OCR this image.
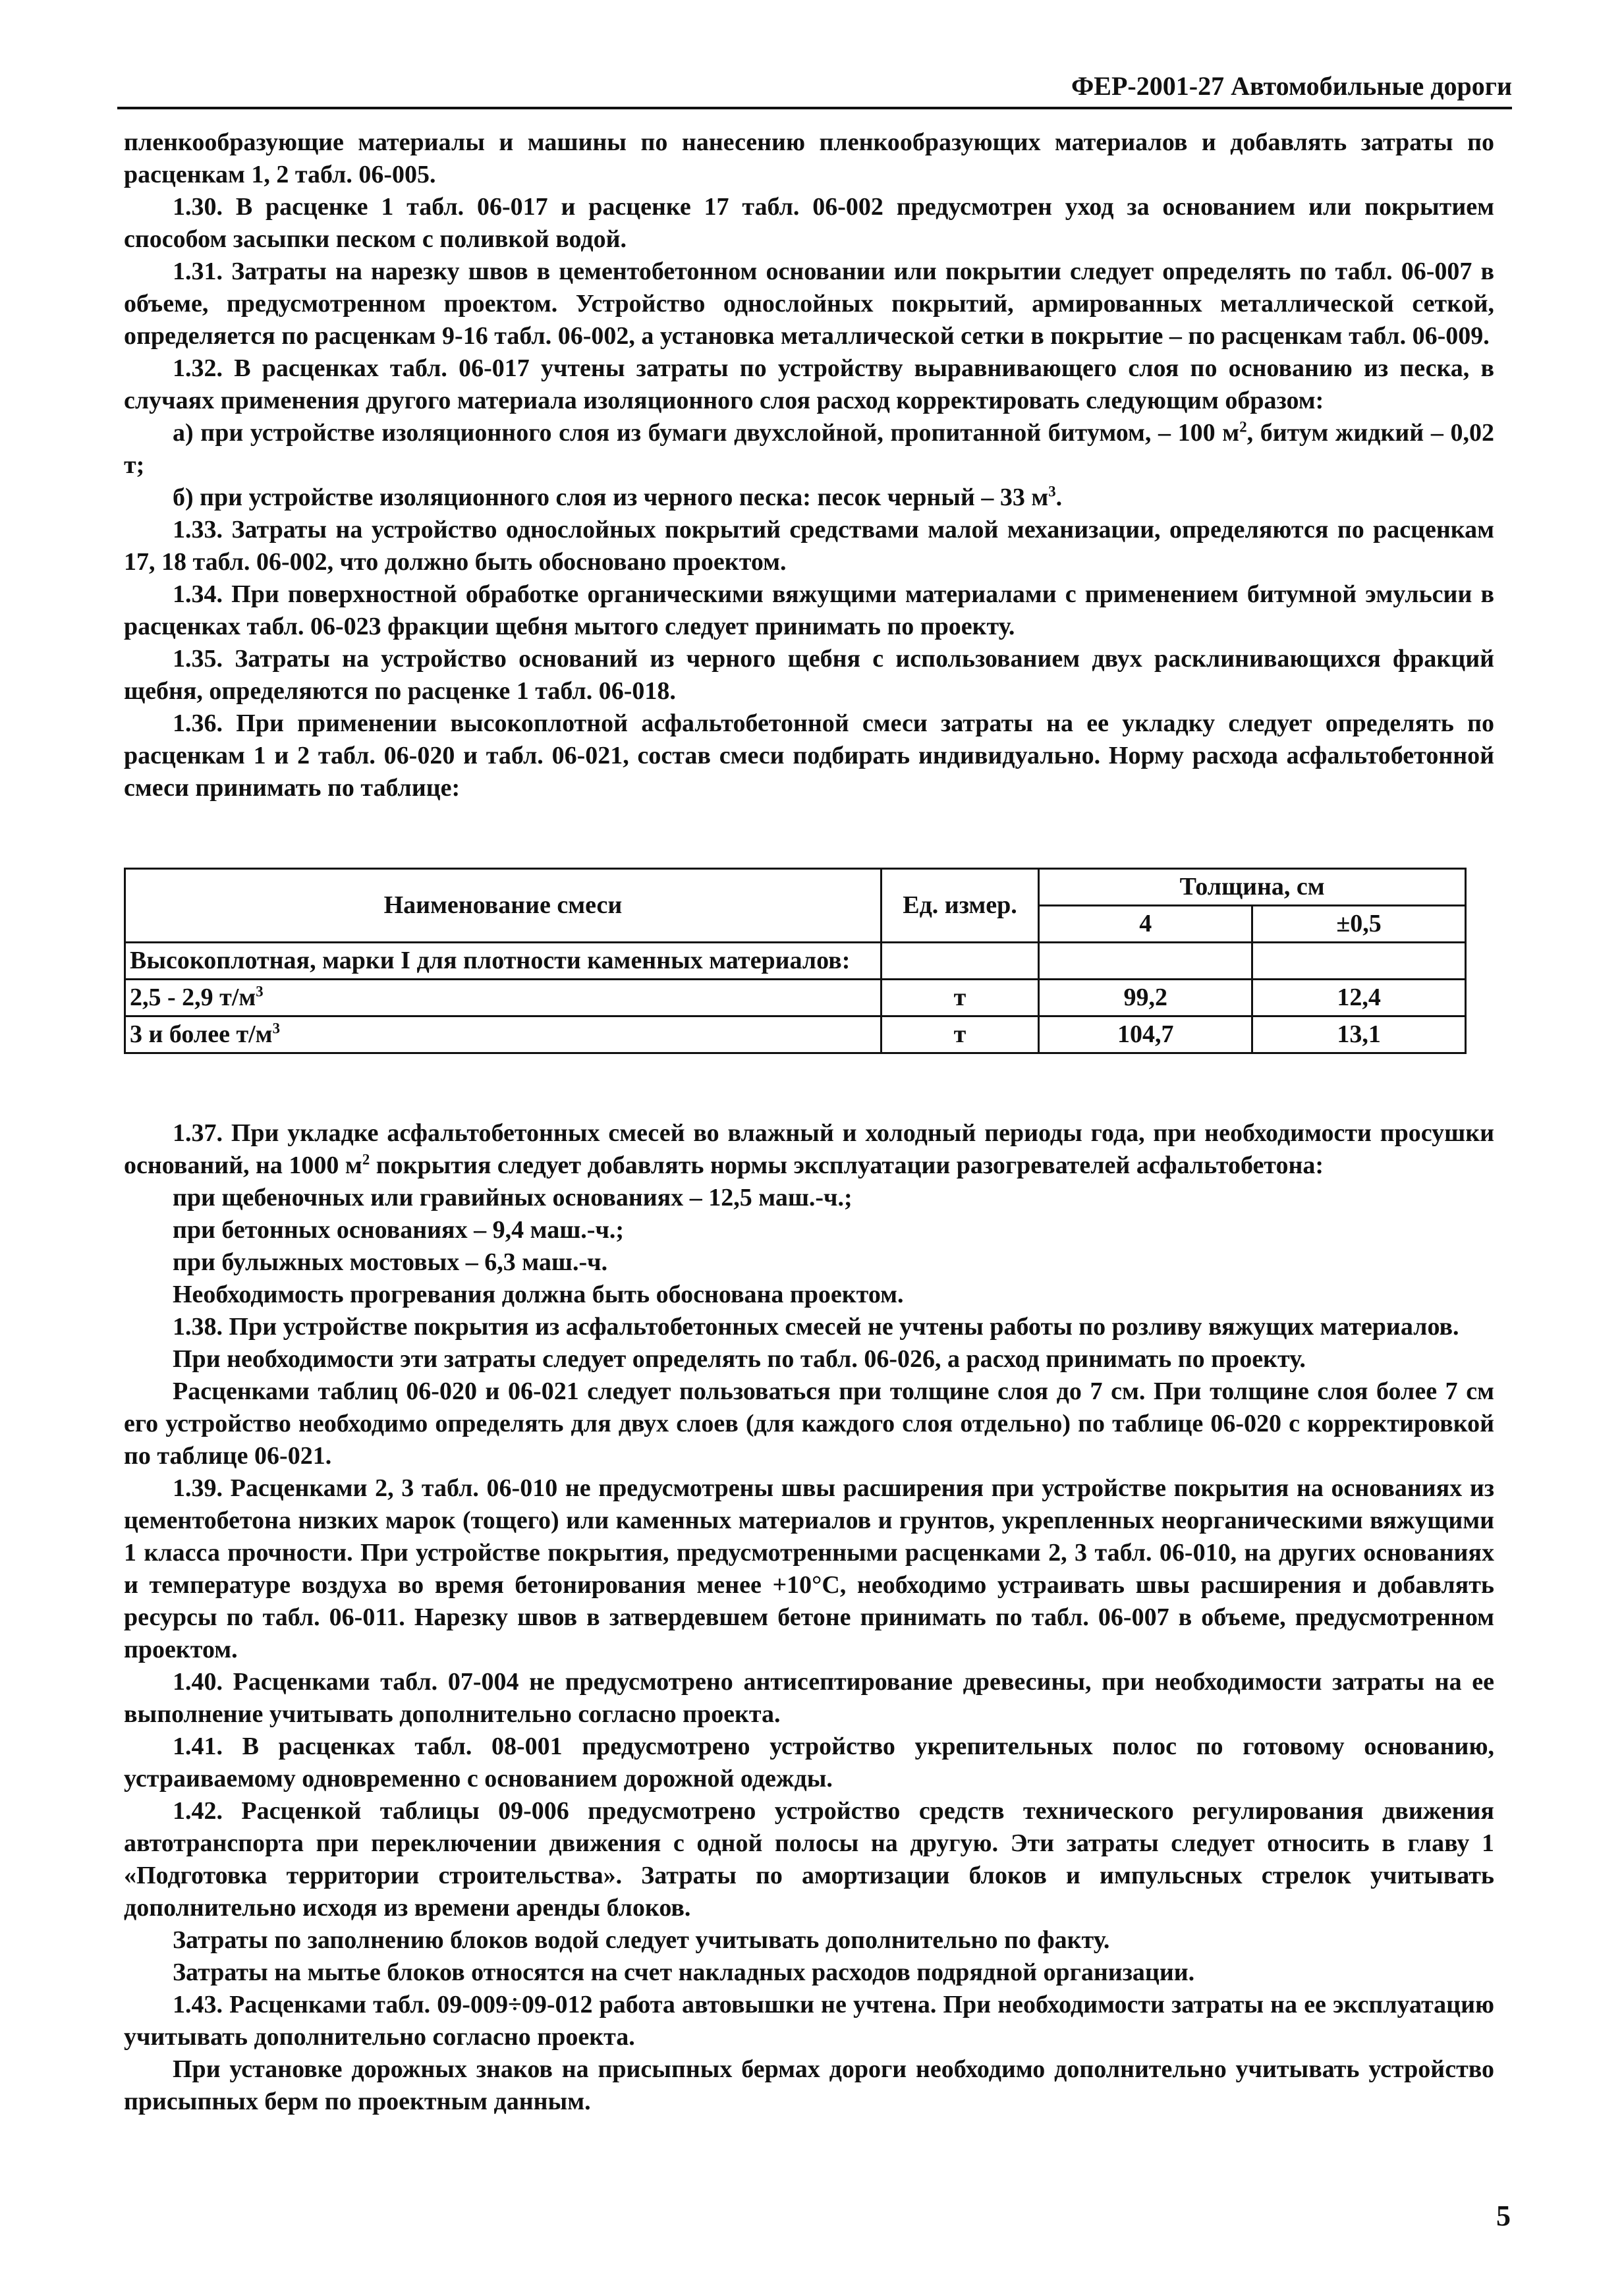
ФЕР-2001-27 Автомобильные дороги

пленкообразующие материалы и машины по нанесению пленкообразующих материалов и добавлять затраты по расценкам 1, 2 табл. 06-005.

1.30. В расценке 1 табл. 06-017 и расценке 17 табл. 06-002 предусмотрен уход за основанием или покрытием способом засыпки песком с поливкой водой.

1.31. Затраты на нарезку швов в цементобетонном основании или покрытии следует определять по табл. 06-007 в объеме, предусмотренном проектом. Устройство однослойных покрытий, армированных металлической сеткой, определяется по расценкам 9-16 табл. 06-002, а установка металлической сетки в покрытие – по расценкам табл. 06-009.

1.32. В расценках табл. 06-017 учтены затраты по устройству выравнивающего слоя по основанию из песка, в случаях применения другого материала изоляционного слоя расход корректировать следующим образом:

а) при устройстве изоляционного слоя из бумаги двухслойной, пропитанной битумом, – 100 $м^2$, битум жидкий – 0,02 т;

б) при устройстве изоляционного слоя из черного песка: песок черный – 33 $м^3$.

1.33. Затраты на устройство однослойных покрытий средствами малой механизации, определяются по расценкам 17, 18 табл. 06-002, что должно быть обосновано проектом.

1.34. При поверхностной обработке органическими вяжущими материалами с применением битумной эмульсии в расценках табл. 06-023 фракции щебня мытого следует принимать по проекту.

1.35. Затраты на устройство оснований из черного щебня с использованием двух расклинивающихся фракций щебня, определяются по расценке 1 табл. 06-018.

1.36. При применении высокоплотной асфальтобетонной смеси затраты на ее укладку следует определять по расценкам 1 и 2 табл. 06-020 и табл. 06-021, состав смеси подбирать индивидуально. Норму расхода асфальтобетонной смеси принимать по таблице:

Наименование смеси	Ед. измер.	Толщина, см	
		4	±0,5
Высокоплотная, марки I для плотности каменных материалов:			
2,5 - 2,9 $т/м^3$	т	99,2	12,4
3 и более $т/м^3$	т	104,7	13,1

1.37. При укладке асфальтобетонных смесей во влажный и холодный периоды года, при необходимости просушки оснований, на 1000 $м^2$ покрытия следует добавлять нормы эксплуатации разогревателей асфальтобетона:

при щебеночных или гравийных основаниях – 12,5 маш.-ч.;

при бетонных основаниях – 9,4 маш.-ч.;

при булыжных мостовых – 6,3 маш.-ч.

Необходимость прогревания должна быть обоснована проектом.

1.38. При устройстве покрытия из асфальтобетонных смесей не учтены работы по розливу вяжущих материалов.

При необходимости эти затраты следует определять по табл. 06-026, а расход принимать по проекту.

Расценками таблиц 06-020 и 06-021 следует пользоваться при толщине слоя до 7 см. При толщине слоя более 7 см его устройство необходимо определять для двух слоев (для каждого слоя отдельно) по таблице 06-020 с корректировкой по таблице 06-021.

1.39. Расценками 2, 3 табл. 06-010 не предусмотрены швы расширения при устройстве покрытия на основаниях из цементобетона низких марок (тощего) или каменных материалов и грунтов, укрепленных неорганическими вяжущими 1 класса прочности. При устройстве покрытия, предусмотренными расценками 2, 3 табл. 06-010, на других основаниях и температуре воздуха во время бетонирования менее +10°С, необходимо устраивать швы расширения и добавлять ресурсы по табл. 06-011. Нарезку швов в затвердевшем бетоне принимать по табл. 06-007 в объеме, предусмотренном проектом.

1.40. Расценками табл. 07-004 не предусмотрено антисептирование древесины, при необходимости затраты на ее выполнение учитывать дополнительно согласно проекта.

1.41. В расценках табл. 08-001 предусмотрено устройство укрепительных полос по готовому основанию, устраиваемому одновременно с основанием дорожной одежды.

1.42. Расценкой таблицы 09-006 предусмотрено устройство средств технического регулирования движения автотранспорта при переключении движения с одной полосы на другую. Эти затраты следует относить в главу 1 «Подготовка территории строительства». Затраты по амортизации блоков и импульсных стрелок учитывать дополнительно исходя из времени аренды блоков.

Затраты по заполнению блоков водой следует учитывать дополнительно по факту.

Затраты на мытье блоков относятся на счет накладных расходов подрядной организации.

1.43. Расценками табл. 09-009÷09-012 работа автовышки не учтена. При необходимости затраты на ее эксплуатацию учитывать дополнительно согласно проекта.

При установке дорожных знаков на присыпных бермах дороги необходимо дополнительно учитывать устройство присыпных берм по проектным данным.

5
